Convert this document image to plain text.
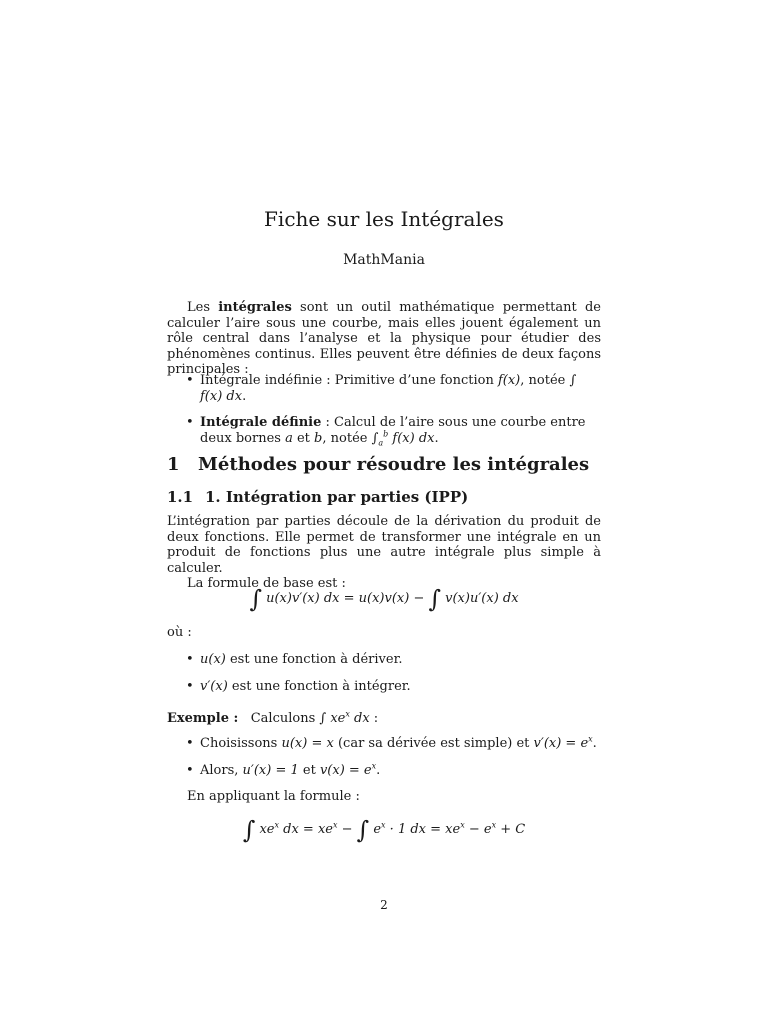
Fiche sur les Intégrales
MathMania

Les intégrales sont un outil mathématique permettant de calculer l’aire sous une courbe, mais elles jouent également un rôle central dans l’analyse et la physique pour étudier des phénomènes continus. Elles peuvent être définies de deux façons principales :

• Intégrale indéfinie : Primitive d’une fonction f(x), notée ∫ f(x) dx.
• Intégrale définie : Calcul de l’aire sous une courbe entre deux bornes a et b, notée $\int_a^b$ f(x) dx.
1 Méthodes pour résoudre les intégrales
1.1 1. Intégration par parties (IPP)

L’intégration par parties découle de la dérivation du produit de deux fonctions. Elle permet de transformer une intégrale en un produit de fonctions plus une autre intégrale plus simple à calculer.

La formule de base est :

∫ u(x)v′(x) dx = u(x)v(x) − ∫ v(x)u′(x) dx
où :
• u(x) est une fonction à dériver.
• v′(x) est une fonction à intégrer.
Exemple : Calculons ∫ $xe^x$ dx :
• Choisissons u(x) = x (car sa dérivée est simple) et $v'(x) = e^x$.
• Alors, u′(x) = 1 et $v(x) = e^x$.

En appliquant la formule :

∫ $xe^x$ dx = $xe^x$ − ∫ $e^x \cdot 1$ dx = $xe^x - e^x + C$
2
